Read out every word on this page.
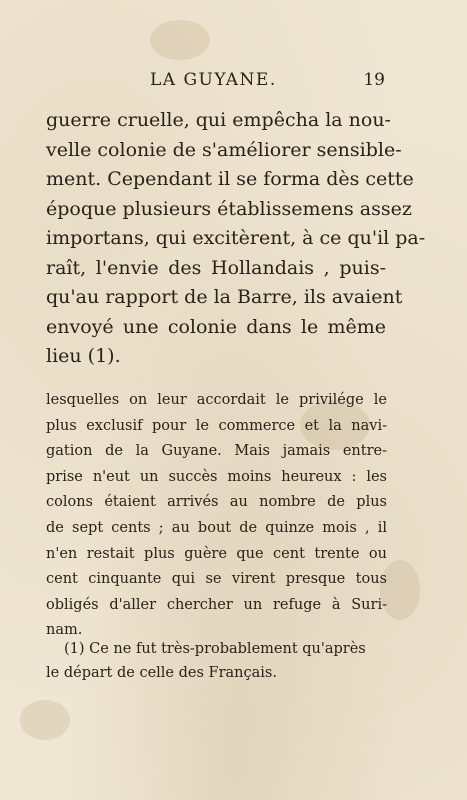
LA GUYANE.	19
guerre cruelle, qui empêcha la nou-
velle colonie de s'améliorer sensible-
ment. Cependant il se forma dès cette
époque plusieurs établissemens assez
importans, qui excitèrent, à ce qu'il pa-
raît, l'envie des Hollandais , puis-
qu'au rapport de la Barre, ils avaient
envoyé une colonie dans le même
lieu (1).
lesquelles on leur accordait le privilége le
plus exclusif pour le commerce et la navi-
gation de la Guyane. Mais jamais entre-
prise n'eut un succès moins heureux : les
colons étaient arrivés au nombre de plus
de sept cents ; au bout de quinze mois , il
n'en restait plus guère que cent trente ou
cent cinquante qui se virent presque tous
obligés d'aller chercher un refuge à Suri-
nam.
(1) Ce ne fut très-probablement qu'après
le départ de celle des Français.
